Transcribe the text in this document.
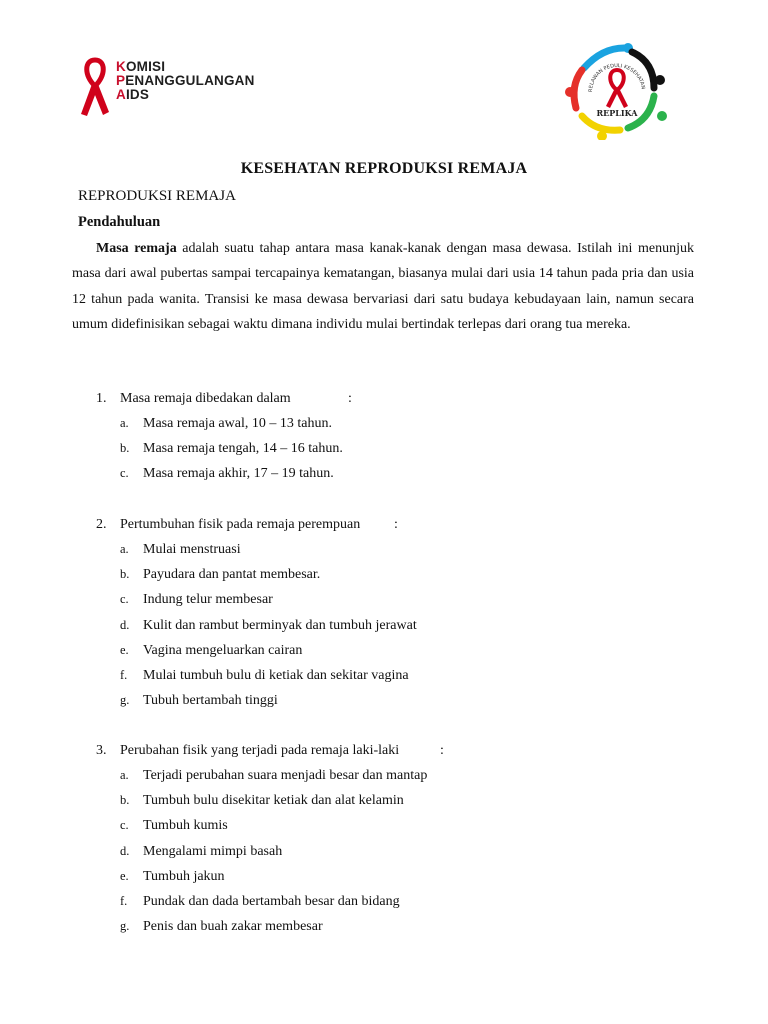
KOMISI
PENANGGULANGAN
AIDS	RELAWAN PEDULI KESEHATAN
REPLIKA
KESEHATAN REPRODUKSI REMAJA
REPRODUKSI REMAJA
Pendahuluan
Masa remaja adalah suatu tahap antara masa kanak-kanak dengan masa dewasa. Istilah ini menunjuk masa dari awal pubertas sampai tercapainya kematangan, biasanya mulai dari usia 14 tahun pada pria dan usia 12 tahun pada wanita. Transisi ke masa dewasa bervariasi dari satu budaya kebudayaan lain, namun secara umum didefinisikan sebagai waktu dimana individu mulai bertindak terlepas dari orang tua mereka.
1. Masa remaja dibedakan dalam	:
a. Masa remaja awal, 10 – 13 tahun.
b. Masa remaja tengah, 14 – 16 tahun.
c. Masa remaja akhir, 17 – 19 tahun.
2. Pertumbuhan fisik pada remaja perempuan :
a. Mulai menstruasi
b. Payudara dan pantat membesar.
c. Indung telur membesar
d. Kulit dan rambut berminyak dan tumbuh jerawat
e. Vagina mengeluarkan cairan
f. Mulai tumbuh bulu di ketiak dan sekitar vagina
g. Tubuh bertambah tinggi
3. Perubahan fisik yang terjadi pada remaja laki-laki	:
a. Terjadi perubahan suara menjadi besar dan mantap
b. Tumbuh bulu disekitar ketiak dan alat kelamin
c. Tumbuh kumis
d. Mengalami mimpi basah
e. Tumbuh jakun
f. Pundak dan dada bertambah besar dan bidang
g. Penis dan buah zakar membesar
